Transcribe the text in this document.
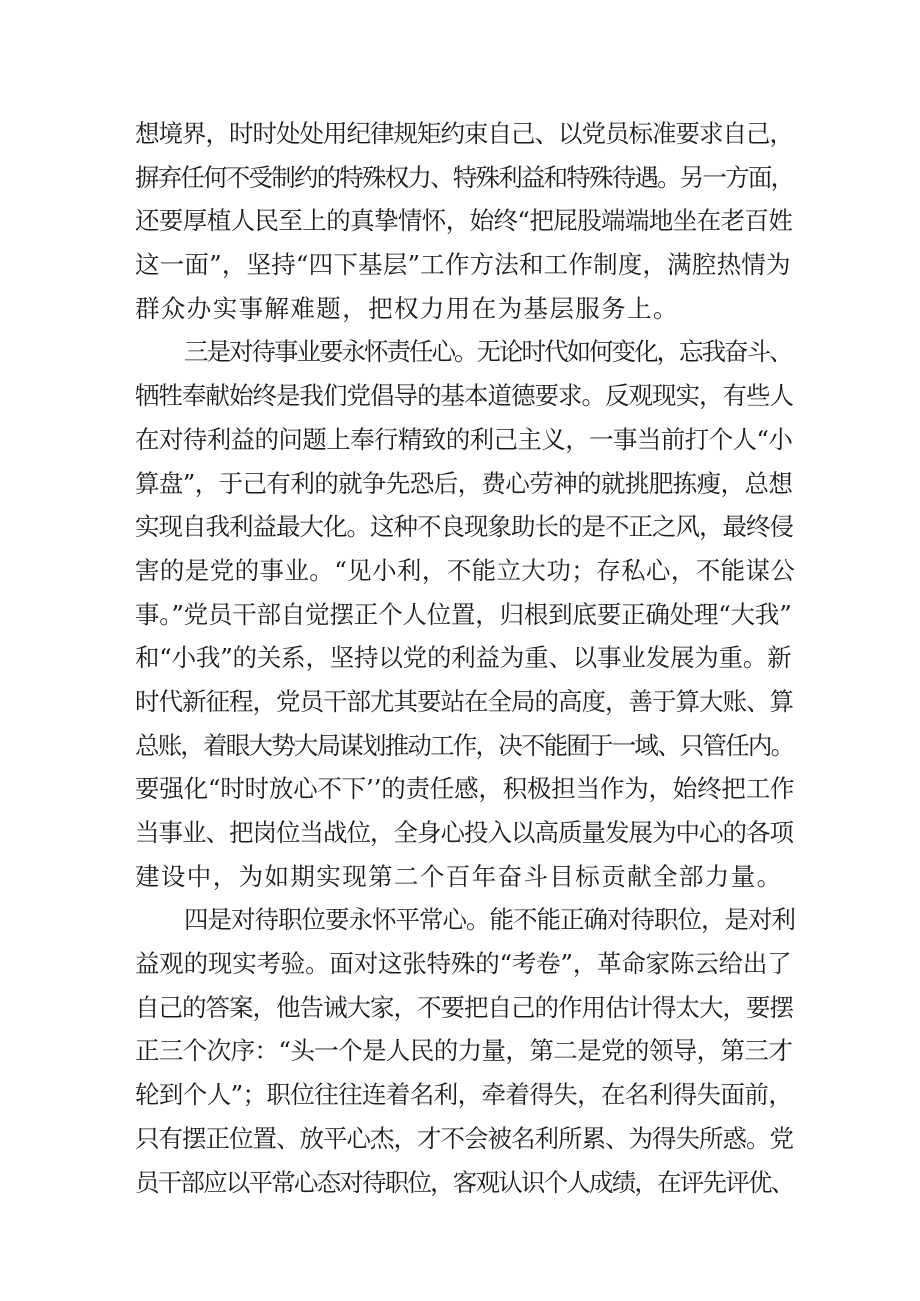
想境界，时时处处用纪律规矩约束自己、以党员标准要求自己，
摒弃任何不受制约的特殊权力、特殊利益和特殊待遇。另一方面，
还要厚植人民至上的真挚情怀，始终“把屁股端端地坐在老百姓
这一面”，坚持“四下基层”工作方法和工作制度，满腔热情为
群众办实事解难题，把权力用在为基层服务上。
三是对待事业要永怀责任心。无论时代如何变化，忘我奋斗、
牺牲奉献始终是我们党倡导的基本道德要求。反观现实，有些人
在对待利益的问题上奉行精致的利己主义，一事当前打个人“小
算盘”，于己有利的就争先恐后，费心劳神的就挑肥拣瘦，总想
实现自我利益最大化。这种不良现象助长的是不正之风，最终侵
害的是党的事业。“见小利，不能立大功；存私心，不能谋公
事。”党员干部自觉摆正个人位置，归根到底要正确处理“大我”
和“小我”的关系，坚持以党的利益为重、以事业发展为重。新
时代新征程，党员干部尤其要站在全局的高度，善于算大账、算
总账，着眼大势大局谋划推动工作，决不能囿于一域、只管任内。
要强化“时时放心不下’’的责任感，积极担当作为，始终把工作
当事业、把岗位当战位，全身心投入以高质量发展为中心的各项
建设中，为如期实现第二个百年奋斗目标贡献全部力量。
四是对待职位要永怀平常心。能不能正确对待职位，是对利
益观的现实考验。面对这张特殊的“考卷”，革命家陈云给出了
自己的答案，他告诫大家，不要把自己的作用估计得太大，要摆
正三个次序：“头一个是人民的力量，第二是党的领导，第三才
轮到个人”；职位往往连着名利，牵着得失，在名利得失面前，
只有摆正位置、放平心杰，才不会被名利所累、为得失所惑。党
员干部应以平常心态对待职位，客观认识个人成绩，在评先评优、
